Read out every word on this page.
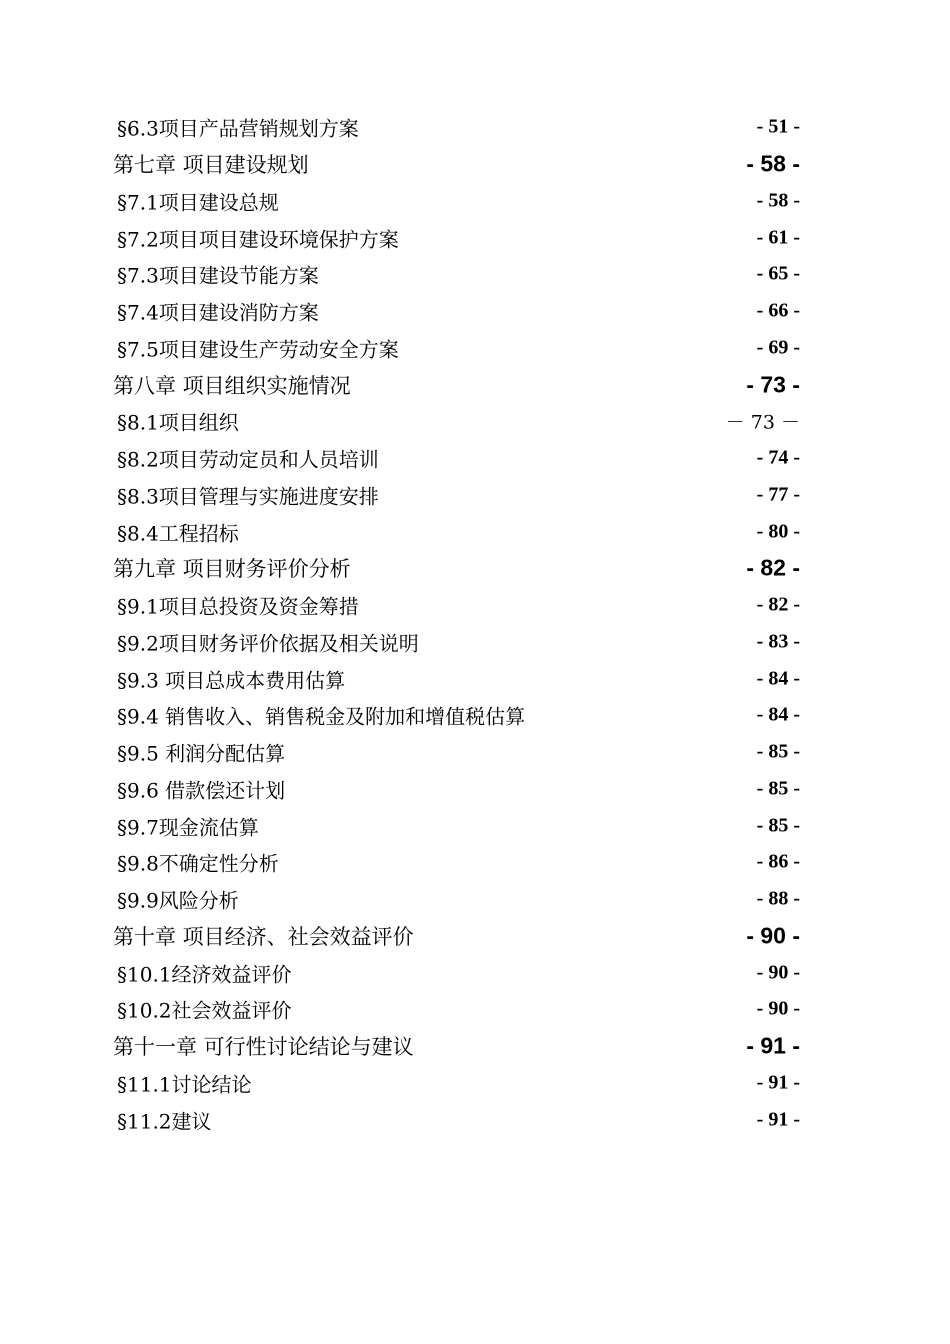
§6.3项目产品营销规划方案	- 51 -
第七章 项目建设规划	- 58 -
§7.1项目建设总规	- 58 -
§7.2项目项目建设环境保护方案	- 61 -
§7.3项目建设节能方案	- 65 -
§7.4项目建设消防方案	- 66 -
§7.5项目建设生产劳动安全方案	- 69 -
第八章 项目组织实施情况	- 73 -
§8.1项目组织	－ 73 －
§8.2项目劳动定员和人员培训	- 74 -
§8.3项目管理与实施进度安排	- 77 -
§8.4工程招标	- 80 -
第九章 项目财务评价分析	- 82 -
§9.1项目总投资及资金筹措	- 82 -
§9.2项目财务评价依据及相关说明	- 83 -
§9.3 项目总成本费用估算	- 84 -
§9.4 销售收入、销售税金及附加和增值税估算	- 84 -
§9.5 利润分配估算	- 85 -
§9.6 借款偿还计划	- 85 -
§9.7现金流估算	- 85 -
§9.8不确定性分析	- 86 -
§9.9风险分析	- 88 -
第十章 项目经济、社会效益评价	- 90 -
§10.1经济效益评价	- 90 -
§10.2社会效益评价	- 90 -
第十一章 可行性讨论结论与建议	- 91 -
§11.1讨论结论	- 91 -
§11.2建议	- 91 -
